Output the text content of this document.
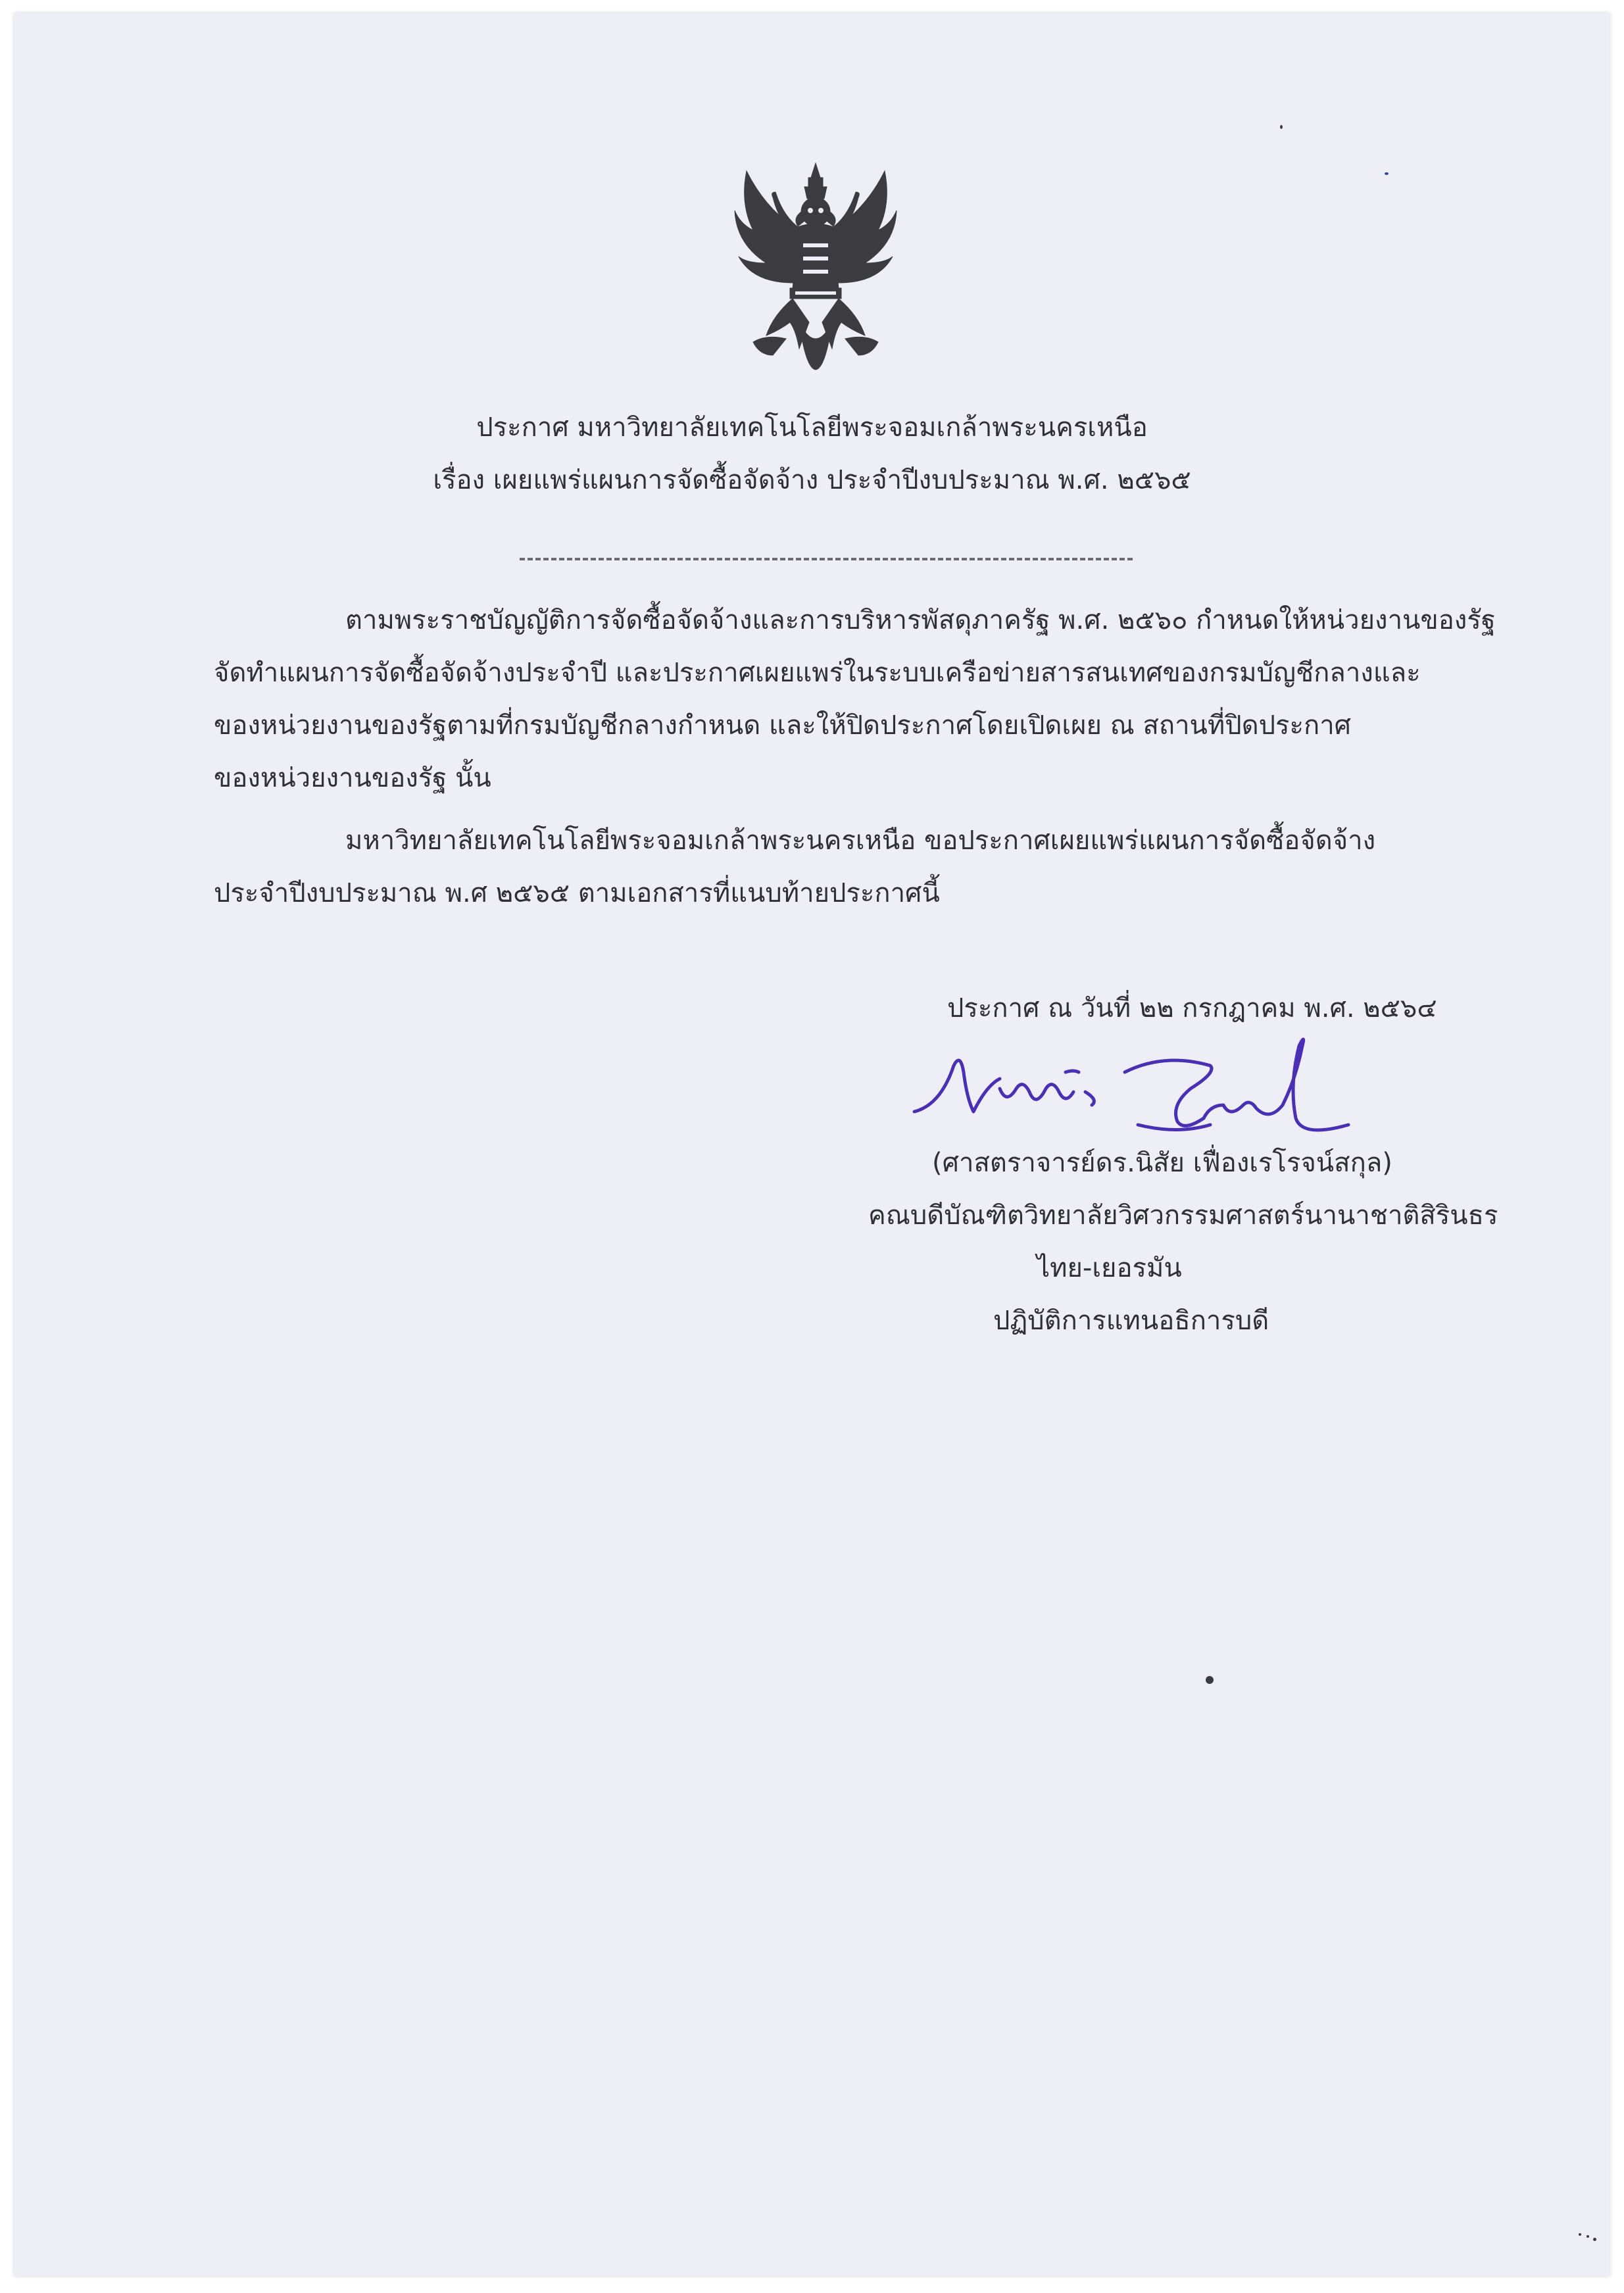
ประกาศ มหาวิทยาลัยเทคโนโลยีพระจอมเกล้าพระนครเหนือ
เรื่อง เผยแพร่แผนการจัดซื้อจัดจ้าง ประจำปีงบประมาณ พ.ศ. ๒๕๖๕
ตามพระราชบัญญัติการจัดซื้อจัดจ้างและการบริหารพัสดุภาครัฐ พ.ศ. ๒๕๖๐ กำหนดให้หน่วยงานของรัฐ
จัดทำแผนการจัดซื้อจัดจ้างประจำปี และประกาศเผยแพร่ในระบบเครือข่ายสารสนเทศของกรมบัญชีกลางและ
ของหน่วยงานของรัฐตามที่กรมบัญชีกลางกำหนด และให้ปิดประกาศโดยเปิดเผย ณ สถานที่ปิดประกาศ
ของหน่วยงานของรัฐ นั้น
มหาวิทยาลัยเทคโนโลยีพระจอมเกล้าพระนครเหนือ ขอประกาศเผยแพร่แผนการจัดซื้อจัดจ้าง
ประจำปีงบประมาณ พ.ศ ๒๕๖๕ ตามเอกสารที่แนบท้ายประกาศนี้
ประกาศ ณ วันที่ ๒๒ กรกฎาคม พ.ศ. ๒๕๖๔
(ศาสตราจารย์ดร.นิสัย เฟื่องเรโรจน์สกุล)
คณบดีบัณฑิตวิทยาลัยวิศวกรรมศาสตร์นานาชาติสิรินธร
ไทย-เยอรมัน
ปฏิบัติการแทนอธิการบดี
